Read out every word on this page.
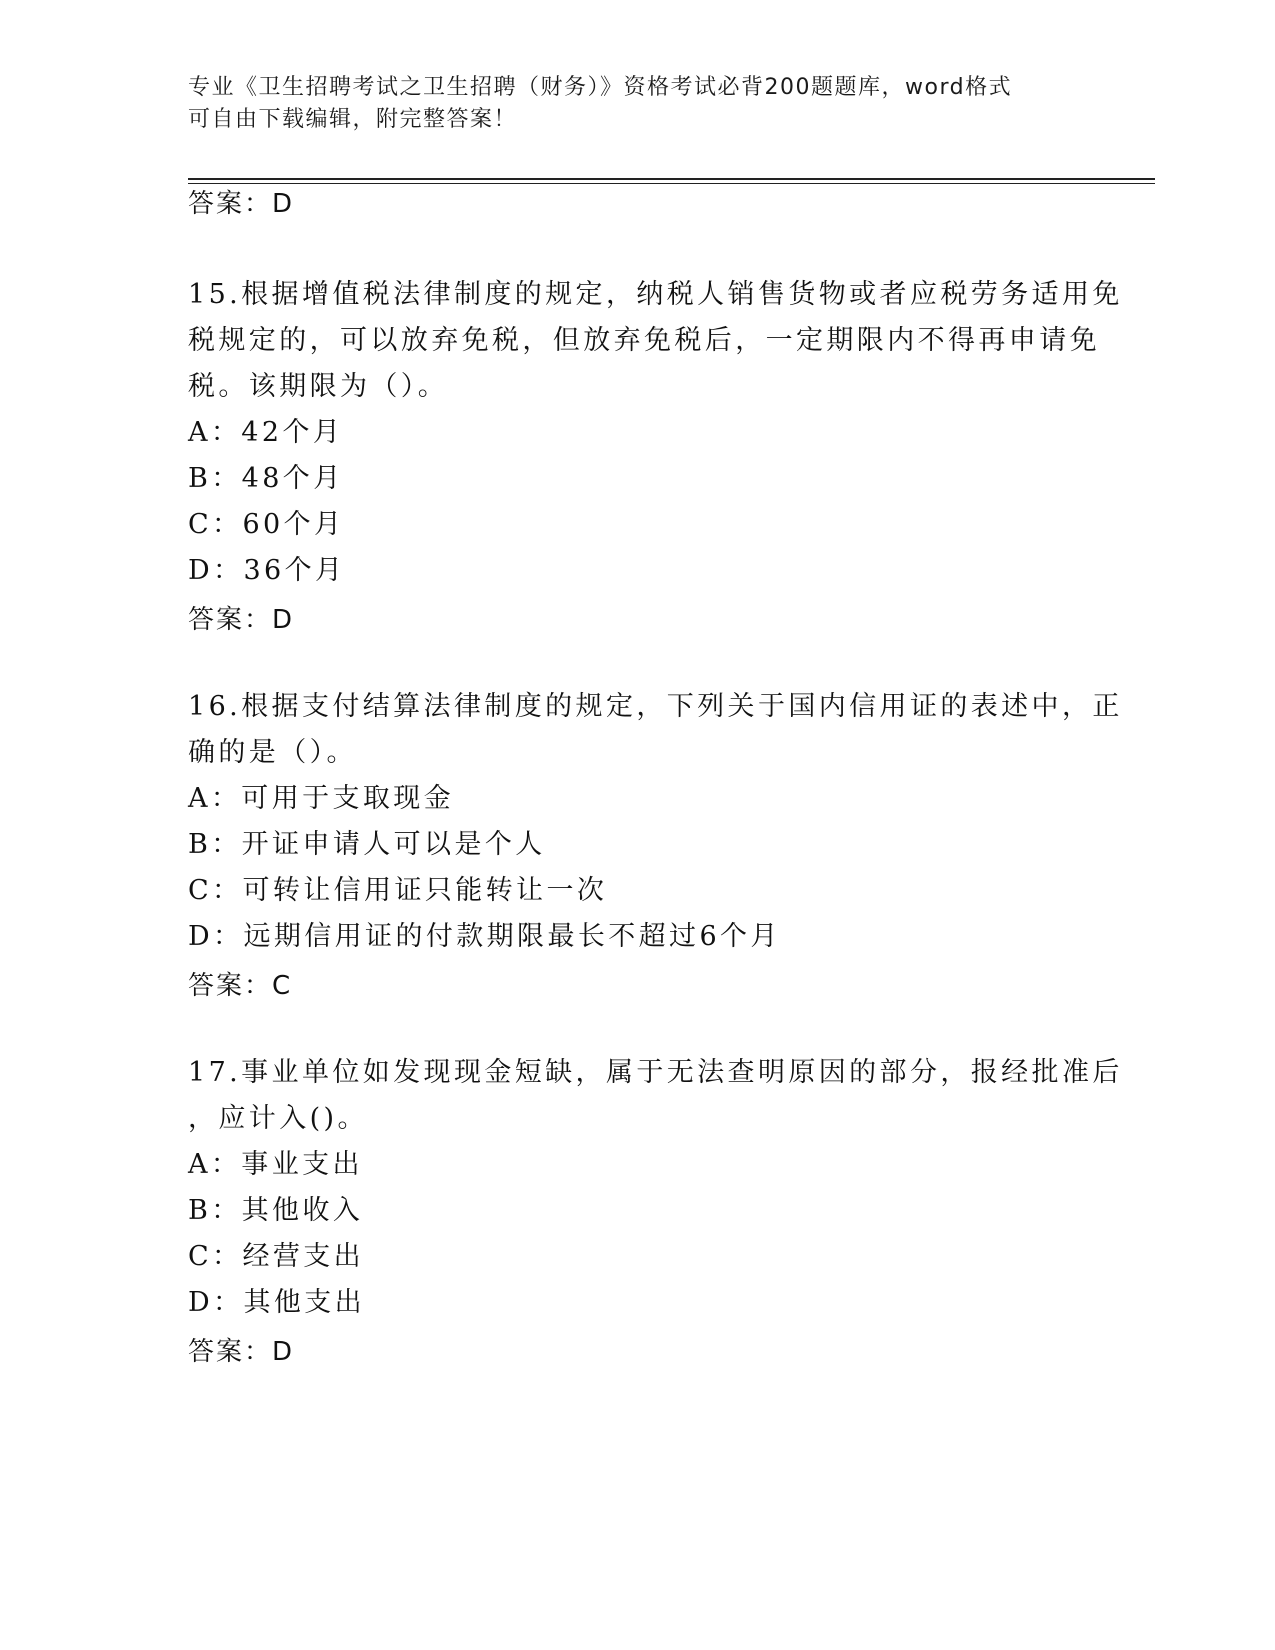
专业《卫生招聘考试之卫生招聘（财务）》资格考试必背200题题库，word格式
可自由下载编辑，附完整答案！
答案：D
15.根据增值税法律制度的规定，纳税人销售货物或者应税劳务适用免
税规定的，可以放弃免税，但放弃免税后，一定期限内不得再申请免
税。该期限为（）。
A：42个月
B：48个月
C：60个月
D：36个月
答案：D
16.根据支付结算法律制度的规定，下列关于国内信用证的表述中，正
确的是（）。
A：可用于支取现金
B：开证申请人可以是个人
C：可转让信用证只能转让一次
D：远期信用证的付款期限最长不超过6个月
答案：C
17.事业单位如发现现金短缺，属于无法查明原因的部分，报经批准后
，应计入()。
A：事业支出
B：其他收入
C：经营支出
D：其他支出
答案：D
